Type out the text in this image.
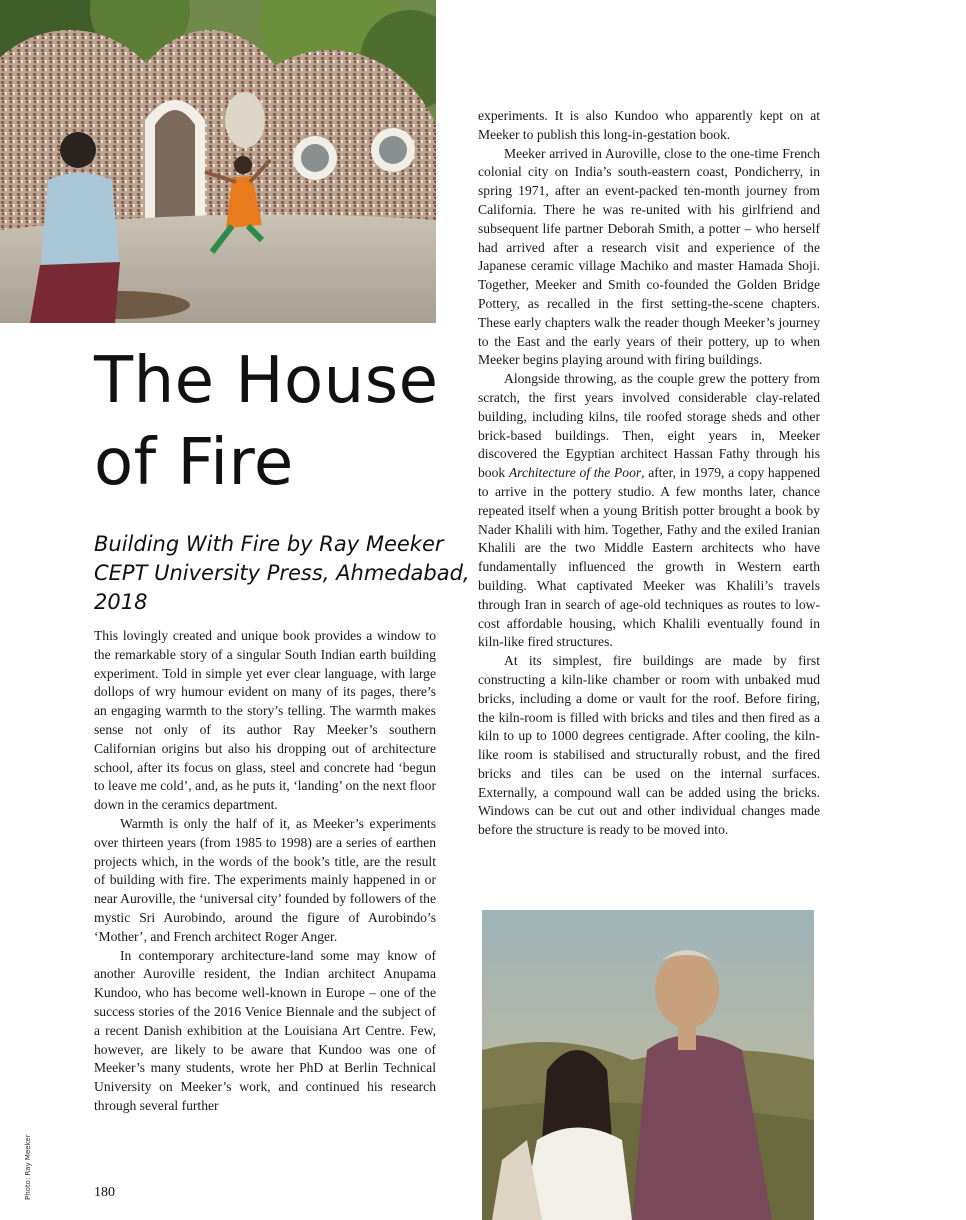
The House
of Fire
Building With Fire by Ray Meeker
CEPT University Press, Ahmedabad,
2018

This lovingly created and unique book provides a window to the remarkable story of a singular South Indian earth building experiment. Told in simple yet ever clear language, with large dollops of wry humour evident on many of its pages, there’s an engaging warmth to the story’s telling. The warmth makes sense not only of its author Ray Meeker’s southern Californian origins but also his dropping out of architecture school, after its focus on glass, steel and concrete had ‘begun to leave me cold’, and, as he puts it, ‘landing’ on the next floor down in the ceramics department.

Warmth is only the half of it, as Meeker’s experiments over thirteen years (from 1985 to 1998) are a series of earthen projects which, in the words of the book’s title, are the result of building with fire. The experiments mainly happened in or near Auroville, the ‘universal city’ founded by followers of the mystic Sri Aurobindo, around the figure of Aurobindo’s ‘Mother’, and French architect Roger Anger.

In contemporary architecture-land some may know of another Auroville resident, the Indian architect Anupama Kundoo, who has become well-known in Europe – one of the success stories of the 2016 Venice Biennale and the subject of a recent Danish exhibition at the Louisiana Art Centre. Few, however, are likely to be aware that Kundoo was one of Meeker’s many students, wrote her PhD at Berlin Technical University on Meeker’s work, and continued his research through several further

experiments. It is also Kundoo who apparently kept on at Meeker to publish this long-in-gestation book.

Meeker arrived in Auroville, close to the one-time French colonial city on India’s south-eastern coast, Pondicherry, in spring 1971, after an event-packed ten-month journey from California. There he was re-united with his girlfriend and subsequent life partner Deborah Smith, a potter – who herself had arrived after a research visit and experience of the Japanese ceramic village Machiko and master Hamada Shoji. Together, Meeker and Smith co-founded the Golden Bridge Pottery, as recalled in the first setting-the-scene chapters. These early chapters walk the reader though Meeker’s journey to the East and the early years of their pottery, up to when Meeker begins playing around with firing buildings.

Alongside throwing, as the couple grew the pottery from scratch, the first years involved considerable clay-related building, including kilns, tile roofed storage sheds and other brick-based buildings. Then, eight years in, Meeker discovered the Egyptian architect Hassan Fathy through his book Architecture of the Poor, after, in 1979, a copy happened to arrive in the pottery studio. A few months later, chance repeated itself when a young British potter brought a book by Nader Khalili with him. Together, Fathy and the exiled Iranian Khalili are the two Middle Eastern architects who have fundamentally influenced the growth in Western earth building. What captivated Meeker was Khalili’s travels through Iran in search of age-old techniques as routes to low-cost affordable housing, which Khalili eventually found in kiln-like fired structures.

At its simplest, fire buildings are made by first constructing a kiln-like chamber or room with unbaked mud bricks, including a dome or vault for the roof. Before firing, the kiln-room is filled with bricks and tiles and then fired as a kiln to up to 1000 degrees centigrade. After cooling, the kiln-like room is stabilised and structurally robust, and the fired bricks and tiles can be used on the internal surfaces. Externally, a compound wall can be added using the bricks. Windows can be cut out and other individual changes made before the structure is ready to be moved into.

180
Photo: Ray Meeker
